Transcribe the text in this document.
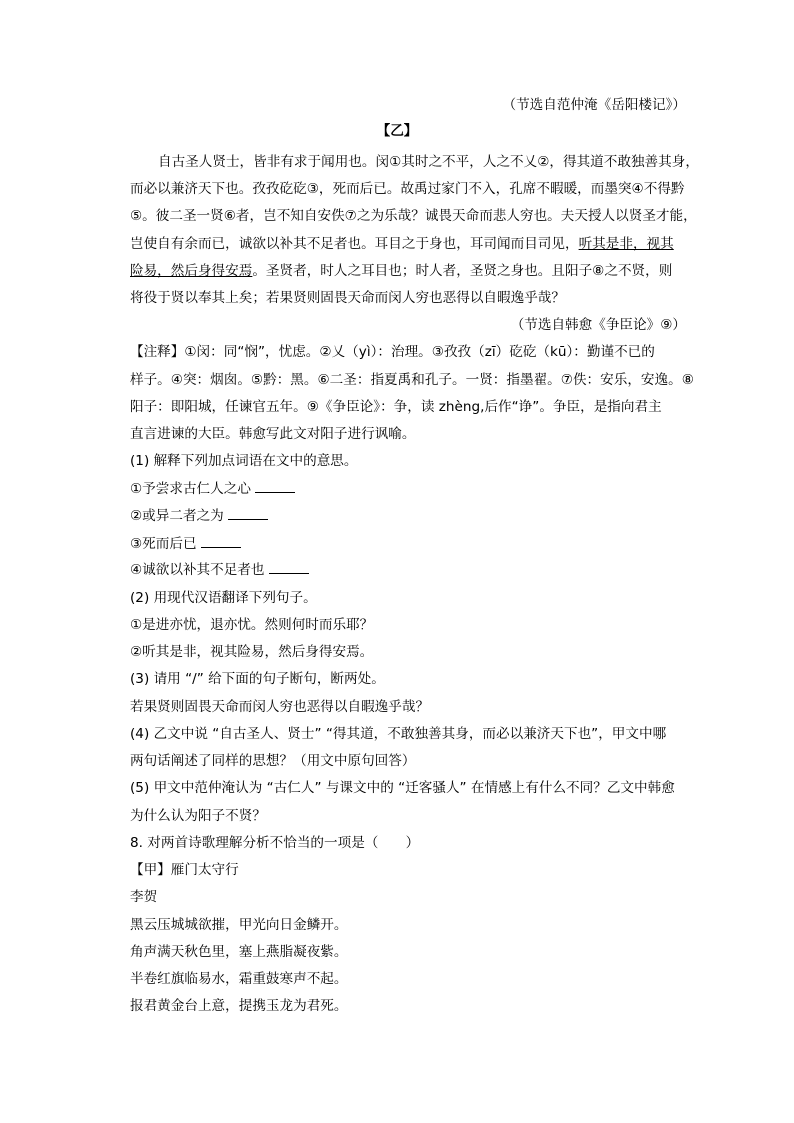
（节选自范仲淹《岳阳楼记》）
【乙】
自古圣人贤士，皆非有求于闻用也。闵①其时之不平，人之不乂②，得其道不敢独善其身，
而必以兼济天下也。孜孜矻矻③，死而后已。故禹过家门不入，孔席不暇暖，而墨突④不得黔
⑤。彼二圣一贤⑥者，岂不知自安佚⑦之为乐哉？诚畏天命而悲人穷也。夫天授人以贤圣才能，
岂使自有余而已，诚欲以补其不足者也。耳目之于身也，耳司闻而目司见，听其是非，视其
险易，然后身得安焉。圣贤者，时人之耳目也；时人者，圣贤之身也。且阳子⑧之不贤，则
将役于贤以奉其上矣；若果贤则固畏天命而闵人穷也恶得以自暇逸乎哉？
（节选自韩愈《争臣论》⑨）
【注释】①闵：同“悯”，忧虑。②乂（yì）：治理。③孜孜（zī）矻矻（kū）：勤谨不已的
样子。④突：烟囱。⑤黔：黑。⑥二圣：指夏禹和孔子。一贤：指墨翟。⑦佚：安乐，安逸。⑧
阳子：即阳城，任谏官五年。⑨《争臣论》：争，读 zhèng,后作“诤”。争臣，是指向君主
直言进谏的大臣。韩愈写此文对阳子进行讽喻。
(1) 解释下列加点词语在文中的意思。
①予尝求古仁人之心
②或异二者之为
③死而后已
④诚欲以补其不足者也
(2) 用现代汉语翻译下列句子。
①是进亦忧，退亦忧。然则何时而乐耶？
②听其是非，视其险易，然后身得安焉。
(3) 请用 “/” 给下面的句子断句，断两处。
若果贤则固畏天命而闵人穷也恶得以自暇逸乎哉？
(4) 乙文中说 “自古圣人、贤士” “得其道，不敢独善其身，而必以兼济天下也”，甲文中哪
两句话阐述了同样的思想？（用文中原句回答）
(5) 甲文中范仲淹认为 “古仁人” 与课文中的 “迁客骚人” 在情感上有什么不同？乙文中韩愈
为什么认为阳子不贤？
8. 对两首诗歌理解分析不恰当的一项是（　　）
【甲】雁门太守行
李贺
黑云压城城欲摧，甲光向日金鳞开。
角声满天秋色里，塞上燕脂凝夜紫。
半卷红旗临易水，霜重鼓寒声不起。
报君黄金台上意，提携玉龙为君死。
